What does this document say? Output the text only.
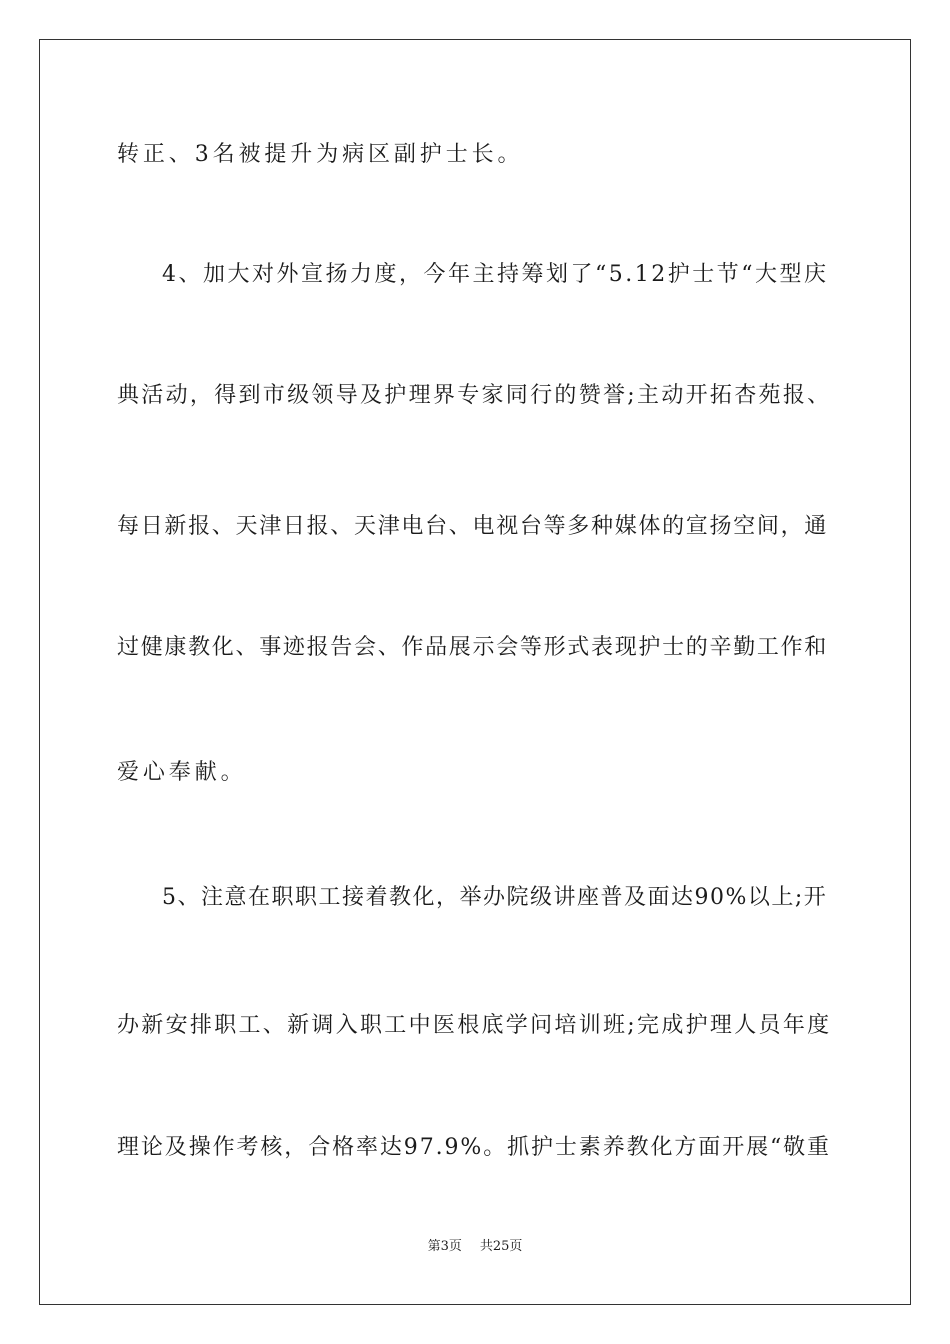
转正、3名被提升为病区副护士长。
4、加大对外宣扬力度，今年主持筹划了“5.12护士节“大型庆
典活动，得到市级领导及护理界专家同行的赞誉;主动开拓杏苑报、
每日新报、天津日报、天津电台、电视台等多种媒体的宣扬空间，通
过健康教化、事迹报告会、作品展示会等形式表现护士的辛勤工作和
爱心奉献。
5、注意在职职工接着教化，举办院级讲座普及面达90%以上;开
办新安排职工、新调入职工中医根底学问培训班;完成护理人员年度
理论及操作考核，合格率达97.9%。抓护士素养教化方面开展“敬重
第3页 共25页
